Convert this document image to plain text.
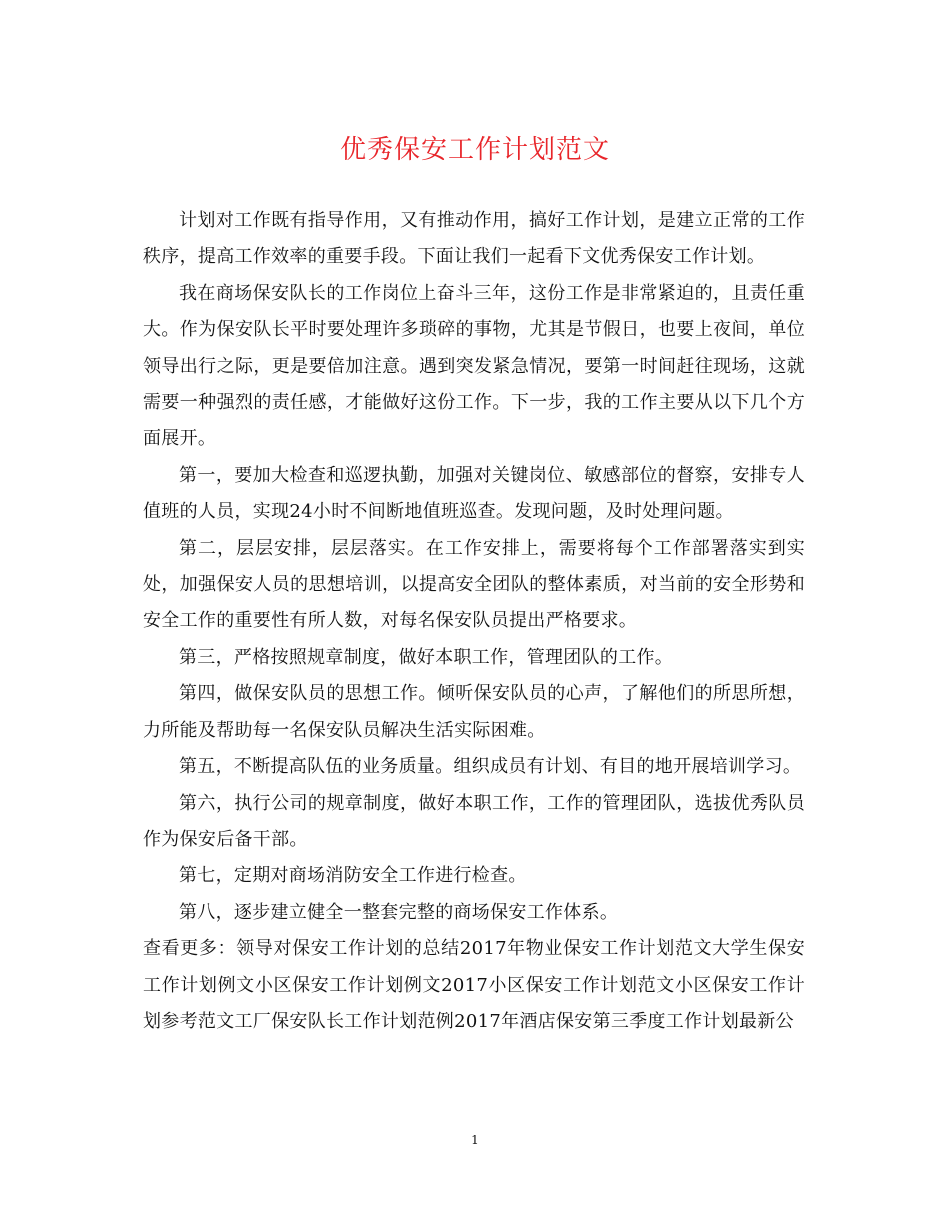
优秀保安工作计划范文

计划对工作既有指导作用，又有推动作用，搞好工作计划，是建立正常的工作秩序，提高工作效率的重要手段。下面让我们一起看下文优秀保安工作计划。

我在商场保安队长的工作岗位上奋斗三年，这份工作是非常紧迫的，且责任重大。作为保安队长平时要处理许多琐碎的事物，尤其是节假日，也要上夜间，单位领导出行之际，更是要倍加注意。遇到突发紧急情况，要第一时间赶往现场，这就需要一种强烈的责任感，才能做好这份工作。下一步，我的工作主要从以下几个方面展开。

第一，要加大检查和巡逻执勤，加强对关键岗位、敏感部位的督察，安排专人值班的人员，实现24小时不间断地值班巡查。发现问题，及时处理问题。

第二，层层安排，层层落实。在工作安排上，需要将每个工作部署落实到实处，加强保安人员的思想培训，以提高安全团队的整体素质，对当前的安全形势和安全工作的重要性有所人数，对每名保安队员提出严格要求。

第三，严格按照规章制度，做好本职工作，管理团队的工作。

第四，做保安队员的思想工作。倾听保安队员的心声，了解他们的所思所想，力所能及帮助每一名保安队员解决生活实际困难。

第五，不断提高队伍的业务质量。组织成员有计划、有目的地开展培训学习。

第六，执行公司的规章制度，做好本职工作，工作的管理团队，选拔优秀队员作为保安后备干部。

第七，定期对商场消防安全工作进行检查。

第八，逐步建立健全一整套完整的商场保安工作体系。

查看更多：领导对保安工作计划的总结2017年物业保安工作计划范文大学生保安工作计划例文小区保安工作计划例文2017小区保安工作计划范文小区保安工作计划参考范文工厂保安队长工作计划范例2017年酒店保安第三季度工作计划最新公

1
